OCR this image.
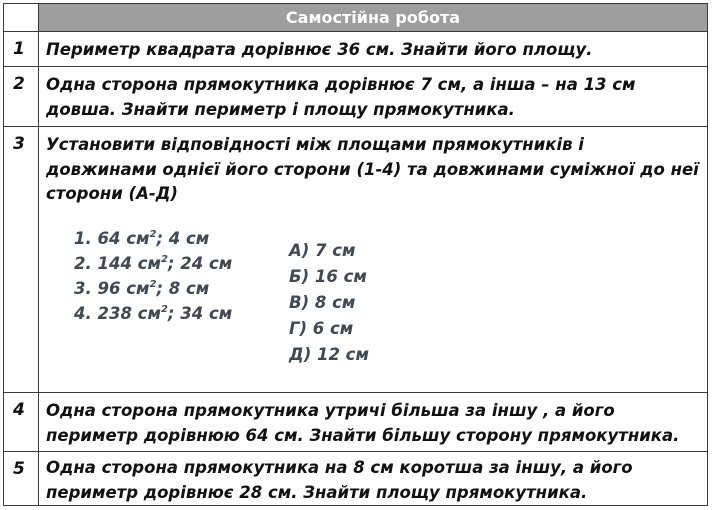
Самостійна робота
1	Периметр квадрата дорівнює 36 см. Знайти його площу.
2	Одна сторона прямокутника дорівнює 7 см, а інша – на 13 см
довша. Знайти периметр і площу прямокутника.
3	Установити відповідності між площами прямокутників і
довжинами однієї його сторони (1-4) та довжинами суміжної до неї
сторони (А-Д)
1. 64 $см^2$; 4 см
2. 144 $см^2$; 24 см
3. 96 $см^2$; 8 см
4. 238 $см^2$; 34 см
А) 7 см
Б) 16 см
В) 8 см
Г) 6 см
Д) 12 см
4	Одна сторона прямокутника утричі більша за іншу , а його
периметр дорівнюю 64 см. Знайти більшу сторону прямокутника.
5	Одна сторона прямокутника на 8 см коротша за іншу, а його
периметр дорівнює 28 см. Знайти площу прямокутника.
